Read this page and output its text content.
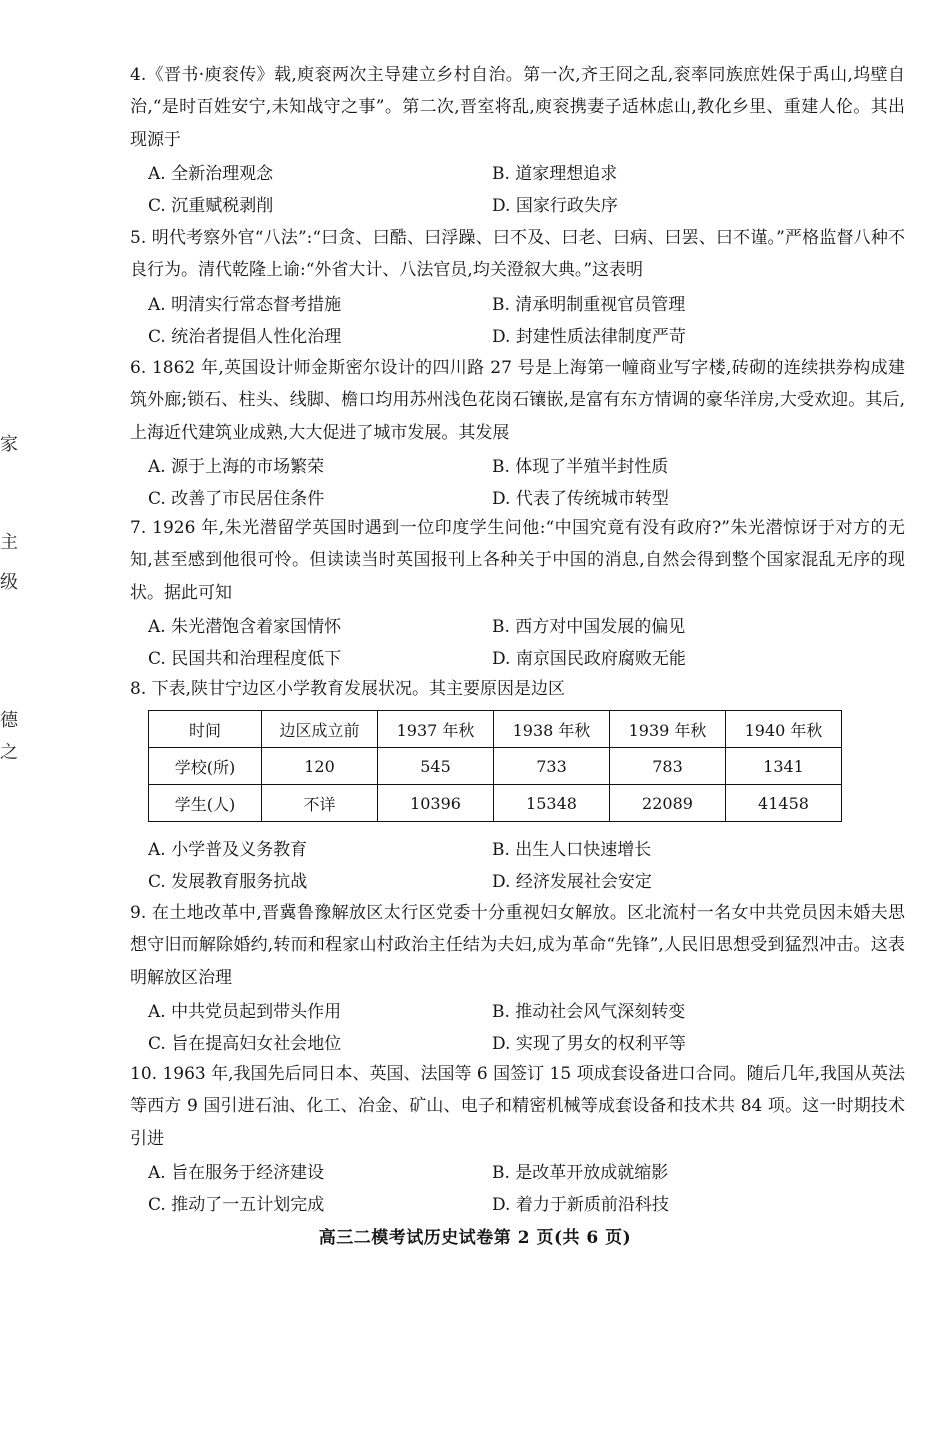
家
主
级
德
之
4.《晋书·庾衮传》载,庾衮两次主导建立乡村自治。第一次,齐王冏之乱,衮率同族庶姓保于禹山,坞壁自治,“是时百姓安宁,未知战守之事”。第二次,晋室将乱,庾衮携妻子适林虑山,教化乡里、重建人伦。其出现源于
A. 全新治理观念	B. 道家理想追求
C. 沉重赋税剥削	D. 国家行政失序
5. 明代考察外官“八法”:“曰贪、曰酷、曰浮躁、曰不及、曰老、曰病、曰罢、曰不谨。”严格监督八种不良行为。清代乾隆上谕:“外省大计、八法官员,均关澄叙大典。”这表明
A. 明清实行常态督考措施	B. 清承明制重视官员管理
C. 统治者提倡人性化治理	D. 封建性质法律制度严苛
6. 1862 年,英国设计师金斯密尔设计的四川路 27 号是上海第一幢商业写字楼,砖砌的连续拱券构成建筑外廊;锁石、柱头、线脚、檐口均用苏州浅色花岗石镶嵌,是富有东方情调的豪华洋房,大受欢迎。其后,上海近代建筑业成熟,大大促进了城市发展。其发展
A. 源于上海的市场繁荣	B. 体现了半殖半封性质
C. 改善了市民居住条件	D. 代表了传统城市转型
7. 1926 年,朱光潜留学英国时遇到一位印度学生问他:“中国究竟有没有政府?”朱光潜惊讶于对方的无知,甚至感到他很可怜。但读读当时英国报刊上各种关于中国的消息,自然会得到整个国家混乱无序的现状。据此可知
A. 朱光潜饱含着家国情怀	B. 西方对中国发展的偏见
C. 民国共和治理程度低下	D. 南京国民政府腐败无能
8. 下表,陕甘宁边区小学教育发展状况。其主要原因是边区
时间	边区成立前	1937 年秋	1938 年秋	1939 年秋	1940 年秋
学校(所)	120	545	733	783	1341
学生(人)	不详	10396	15348	22089	41458
A. 小学普及义务教育	B. 出生人口快速增长
C. 发展教育服务抗战	D. 经济发展社会安定
9. 在土地改革中,晋冀鲁豫解放区太行区党委十分重视妇女解放。区北流村一名女中共党员因未婚夫思想守旧而解除婚约,转而和程家山村政治主任结为夫妇,成为革命“先锋”,人民旧思想受到猛烈冲击。这表明解放区治理
A. 中共党员起到带头作用	B. 推动社会风气深刻转变
C. 旨在提高妇女社会地位	D. 实现了男女的权利平等
10. 1963 年,我国先后同日本、英国、法国等 6 国签订 15 项成套设备进口合同。随后几年,我国从英法等西方 9 国引进石油、化工、冶金、矿山、电子和精密机械等成套设备和技术共 84 项。这一时期技术引进
A. 旨在服务于经济建设	B. 是改革开放成就缩影
C. 推动了一五计划完成	D. 着力于新质前沿科技
高三二模考试历史试卷第 2 页(共 6 页)
